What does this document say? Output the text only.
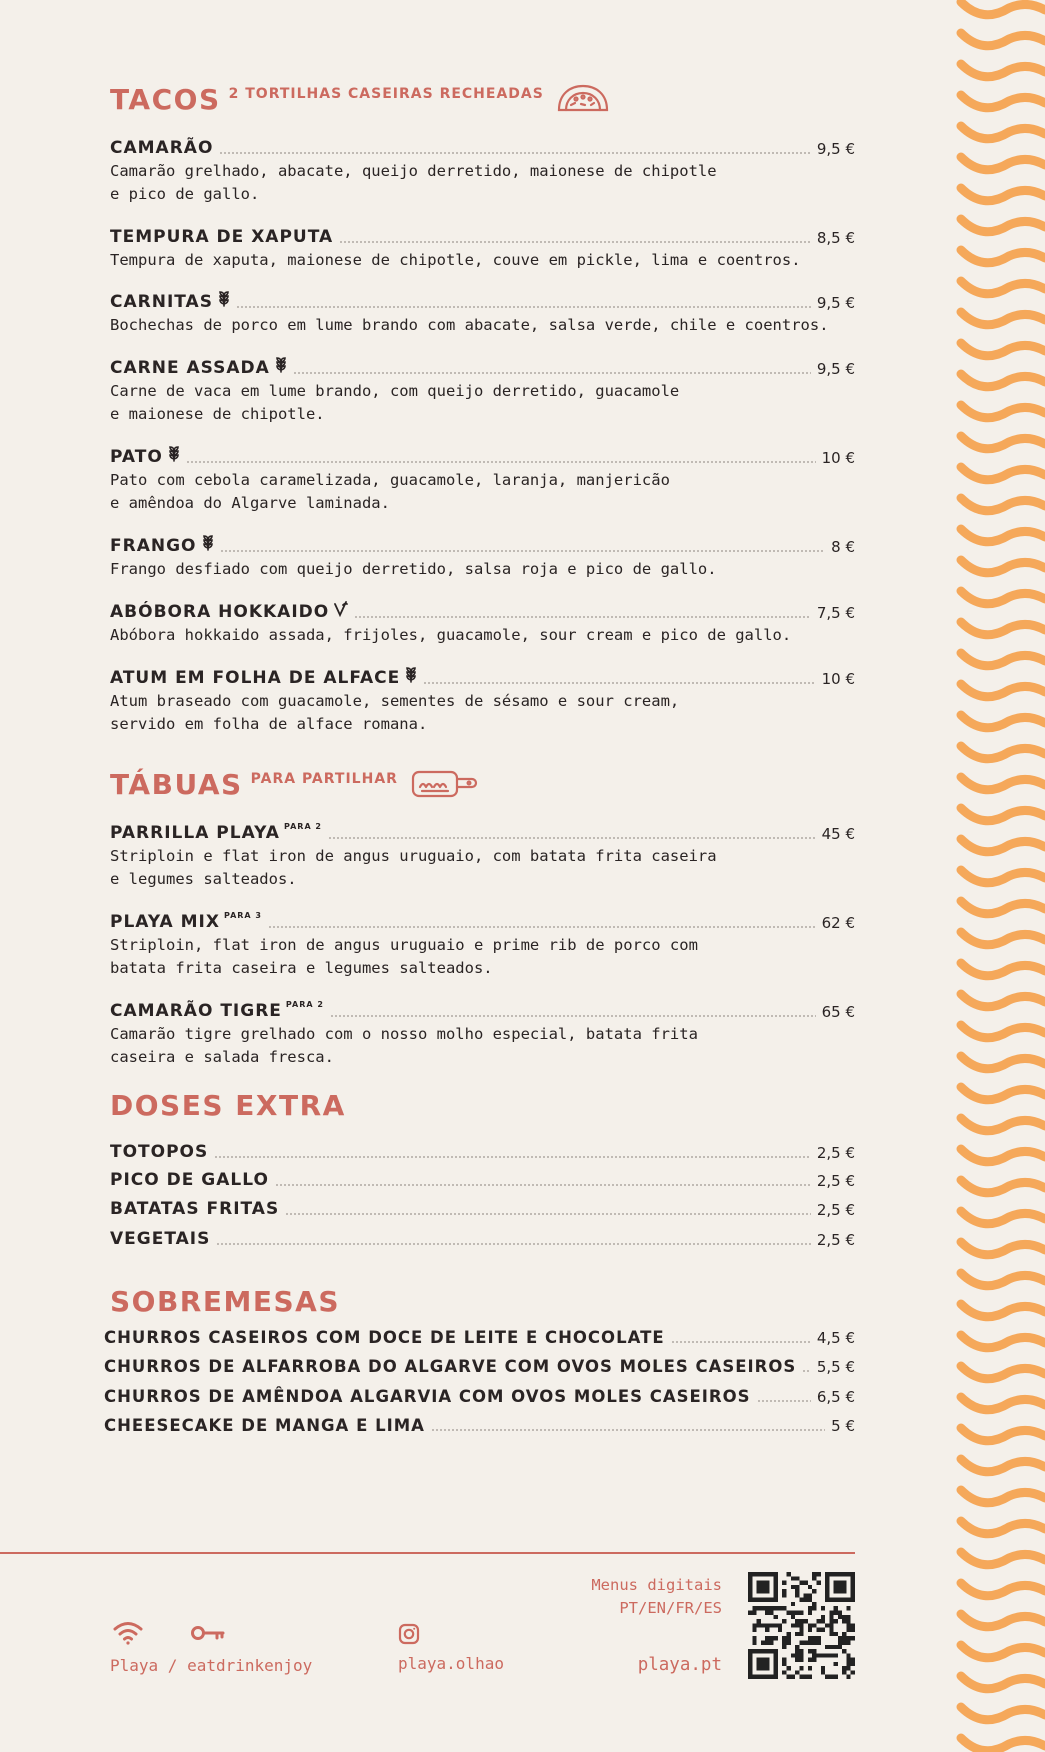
TACOS 2 TORTILHAS CASEIRAS RECHEADAS
TÁBUAS PARA PARTILHAR
DOSES EXTRA
SOBREMESAS
Playa / eatdrinkenjoy	playa.olhao
Menus digitais
PT/EN/FR/ES
playa.pt
CAMARÃO	9,5 €
Camarão grelhado, abacate, queijo derretido, maionese de chipotle
e pico de gallo.
TEMPURA DE XAPUTA	8,5 €
Tempura de xaputa, maionese de chipotle, couve em pickle, lima e coentros.
CARNITAS	9,5 €
Bochechas de porco em lume brando com abacate, salsa verde, chile e coentros.
CARNE ASSADA	9,5 €
Carne de vaca em lume brando, com queijo derretido, guacamole
e maionese de chipotle.
PATO	10 €
Pato com cebola caramelizada, guacamole, laranja, manjericão
e amêndoa do Algarve laminada.
FRANGO	8 €
Frango desfiado com queijo derretido, salsa roja e pico de gallo.
ABÓBORA HOKKAIDO	7,5 €
Abóbora hokkaido assada, frijoles, guacamole, sour cream e pico de gallo.
ATUM EM FOLHA DE ALFACE	10 €
Atum braseado com guacamole, sementes de sésamo e sour cream,
servido em folha de alface romana.
PARRILLA PLAYA PARA 2	45 €
Striploin e flat iron de angus uruguaio, com batata frita caseira
e legumes salteados.
PLAYA MIX PARA 3	62 €
Striploin, flat iron de angus uruguaio e prime rib de porco com
batata frita caseira e legumes salteados.
CAMARÃO TIGRE PARA 2	65 €
Camarão tigre grelhado com o nosso molho especial, batata frita
caseira e salada fresca.
TOTOPOS	2,5 €
PICO DE GALLO	2,5 €
BATATAS FRITAS	2,5 €
VEGETAIS	2,5 €
CHURROS CASEIROS COM DOCE DE LEITE E CHOCOLATE	4,5 €
CHURROS DE ALFARROBA DO ALGARVE COM OVOS MOLES CASEIROS 5,5 €
CHURROS DE AMÊNDOA ALGARVIA COM OVOS MOLES CASEIROS	6,5 €
CHEESECAKE DE MANGA E LIMA	5 €
